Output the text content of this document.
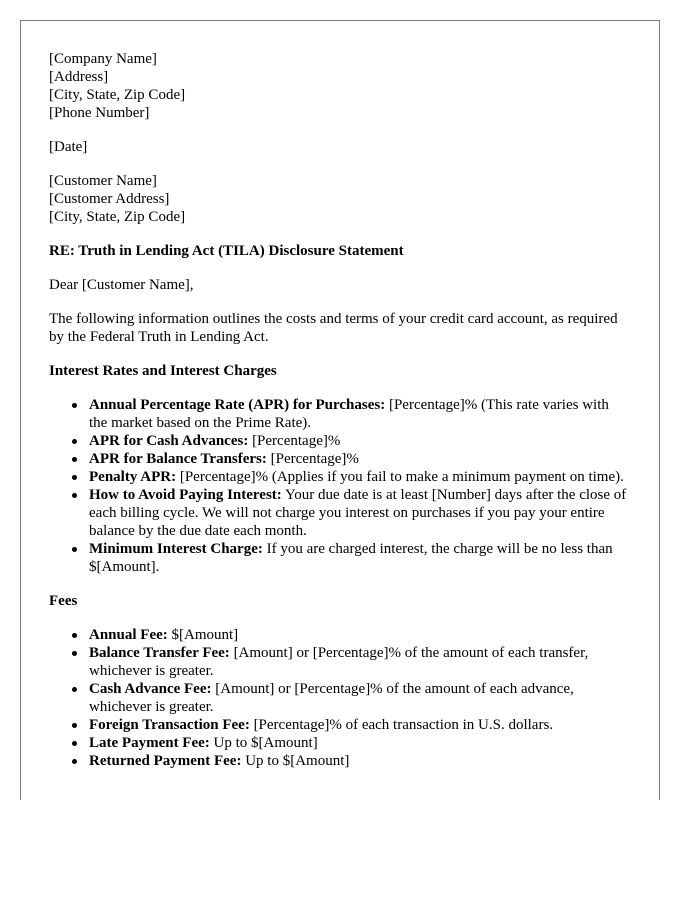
[Company Name]
[Address]
[City, State, Zip Code]
[Phone Number]
[Date]
[Customer Name]
[Customer Address]
[City, State, Zip Code]
RE: Truth in Lending Act (TILA) Disclosure Statement
Dear [Customer Name],
The following information outlines the costs and terms of your credit card account, as required by the Federal Truth in Lending Act.
Interest Rates and Interest Charges
Annual Percentage Rate (APR) for Purchases: [Percentage]% (This rate varies with the market based on the Prime Rate).
APR for Cash Advances: [Percentage]%
APR for Balance Transfers: [Percentage]%
Penalty APR: [Percentage]% (Applies if you fail to make a minimum payment on time).
How to Avoid Paying Interest: Your due date is at least [Number] days after the close of each billing cycle. We will not charge you interest on purchases if you pay your entire balance by the due date each month.
Minimum Interest Charge: If you are charged interest, the charge will be no less than $[Amount].
Fees
Annual Fee: $[Amount]
Balance Transfer Fee: [Amount] or [Percentage]% of the amount of each transfer, whichever is greater.
Cash Advance Fee: [Amount] or [Percentage]% of the amount of each advance, whichever is greater.
Foreign Transaction Fee: [Percentage]% of each transaction in U.S. dollars.
Late Payment Fee: Up to $[Amount]
Returned Payment Fee: Up to $[Amount]
